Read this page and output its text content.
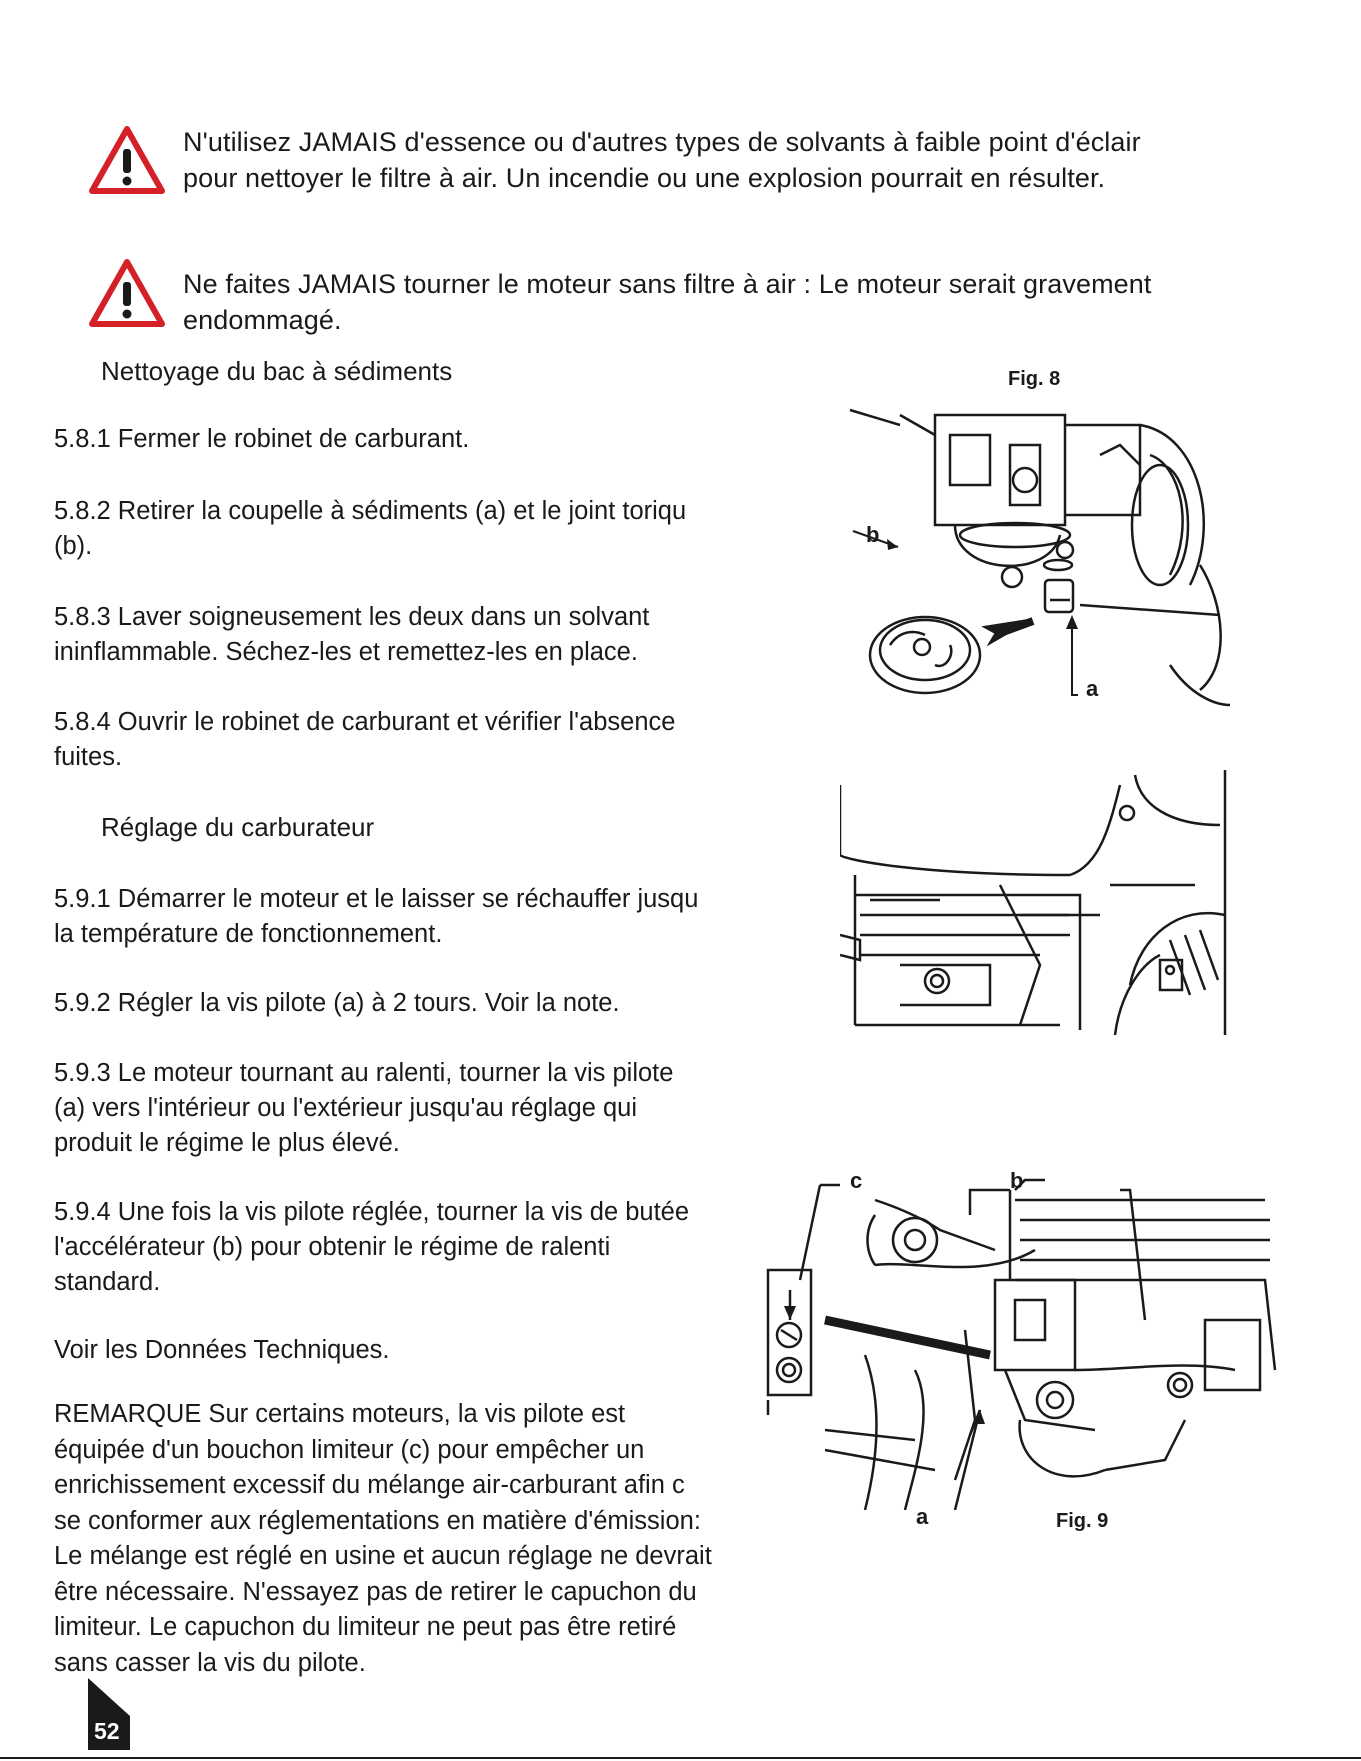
N'utilisez JAMAIS d'essence ou d'autres types de solvants à faible point d'éclair
pour nettoyer le filtre à air. Un incendie ou une explosion pourrait en résulter.
Ne faites JAMAIS tourner le moteur sans filtre à air : Le moteur serait gravement
endommagé.
Nettoyage du bac à sédiments
5.8.1 Fermer le robinet de carburant.
5.8.2 Retirer la coupelle à sédiments (a) et le joint toriqu
(b).
5.8.3 Laver soigneusement les deux dans un solvant
ininflammable. Séchez-les et remettez-les en place.
5.8.4 Ouvrir le robinet de carburant et vérifier l'absence
fuites.
Réglage du carburateur
5.9.1 Démarrer le moteur et le laisser se réchauffer jusqu
la température de fonctionnement.
5.9.2 Régler la vis pilote (a) à 2 tours. Voir la note.
5.9.3 Le moteur tournant au ralenti, tourner la vis pilote
(a) vers l'intérieur ou l'extérieur jusqu'au réglage qui
produit le régime le plus élevé.
5.9.4 Une fois la vis pilote réglée, tourner la vis de butée
l'accélérateur (b) pour obtenir le régime de ralenti
standard.
Voir les Données Techniques.

REMARQUE Sur certains moteurs, la vis pilote est

équipée d'un bouchon limiteur (c) pour empêcher un

enrichissement excessif du mélange air-carburant afin c

se conformer aux réglementations en matière d'émission:

Le mélange est réglé en usine et aucun réglage ne devrait

être nécessaire. N'essayez pas de retirer le capuchon du

limiteur. Le capuchon du limiteur ne peut pas être retiré

sans casser la vis du pilote.

Fig. 8
b
a
c	b
a	Fig. 9
52
